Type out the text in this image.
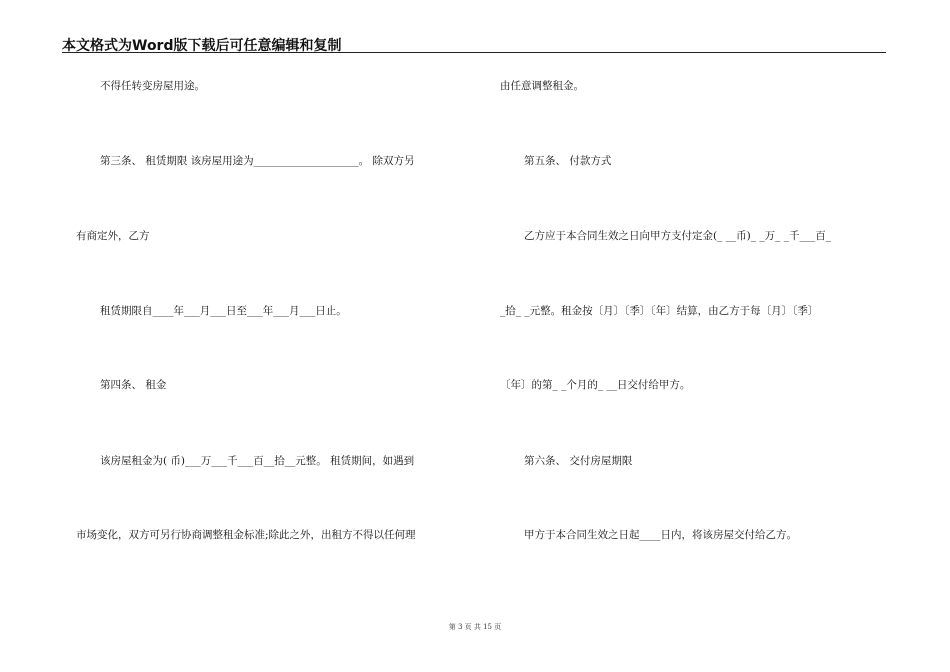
本文格式为Word版下载后可任意编辑和复制
不得任转变房屋用途。
第三条、 租赁期限 该房屋用途为____________________。 除双方另
有商定外，乙方
租赁期限自____年___月___日至___年___月___日止。
第四条、 租金
该房屋租金为( 币)___万___千___百__拾__元整。 租赁期间，如遇到
市场变化，双方可另行协商调整租金标准;除此之外，出租方不得以任何理
由任意调整租金。
第五条、 付款方式
乙方应于本合同生效之日向甲方支付定金(_ __币)_ _万_ _千___百_
_拾_ _元整。租金按〔月〕〔季〕〔年〕结算，由乙方于每〔月〕〔季〕
〔年〕的第_ _个月的_ __日交付给甲方。
第六条、 交付房屋期限
甲方于本合同生效之日起____日内，将该房屋交付给乙方。
第 3 页 共 15 页
